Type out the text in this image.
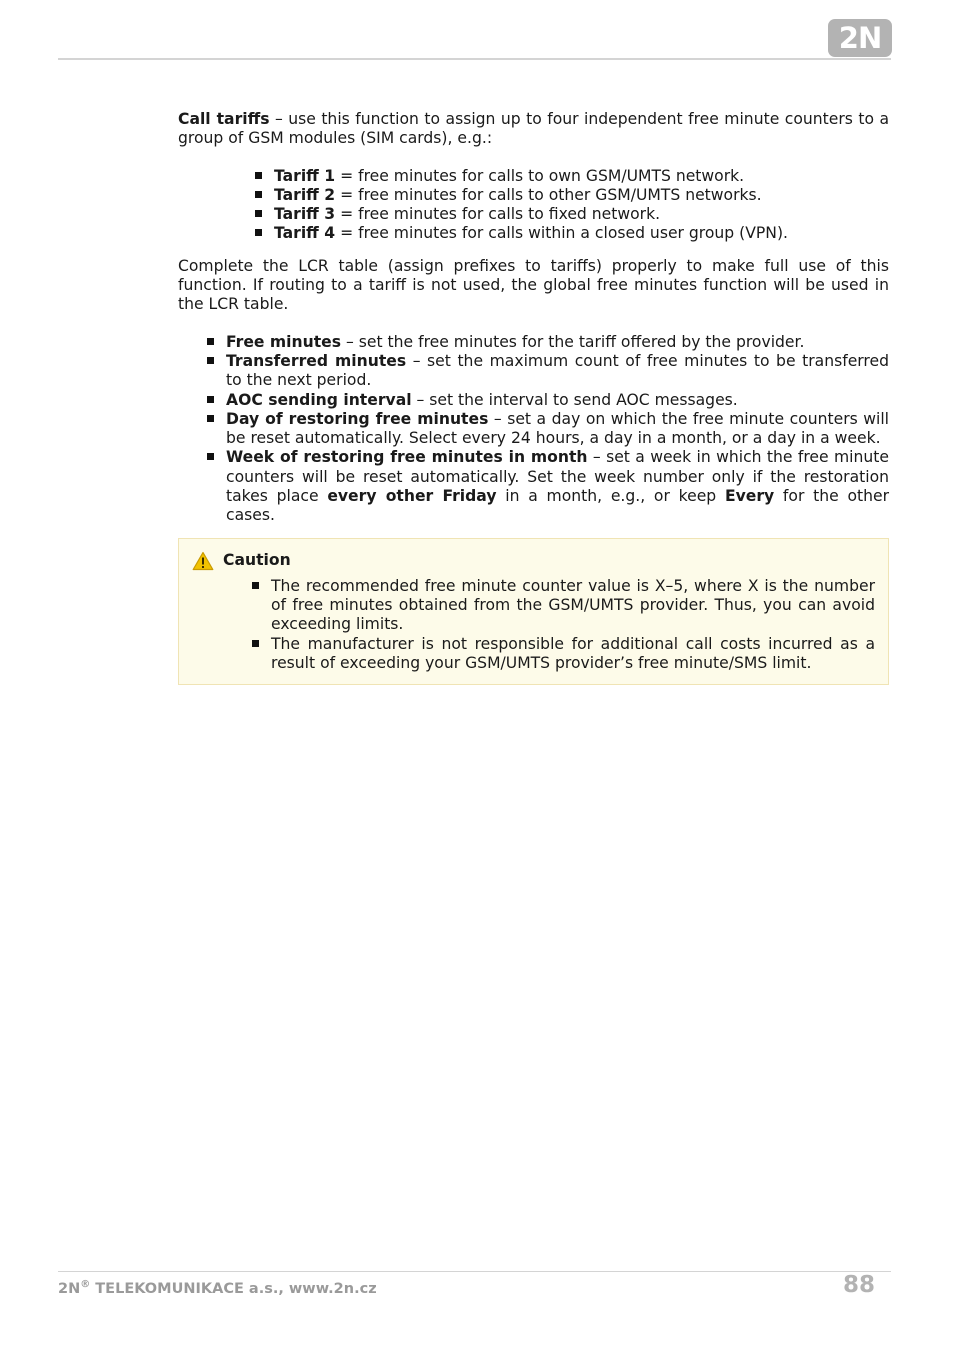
2N

Call tariffs – use this function to assign up to four independent free minute counters to a group of GSM modules (SIM cards), e.g.:

Tariff 1 = free minutes for calls to own GSM/UMTS network.
Tariff 2 = free minutes for calls to other GSM/UMTS networks.
Tariff 3 = free minutes for calls to fixed network.
Tariff 4 = free minutes for calls within a closed user group (VPN).

Complete the LCR table (assign prefixes to tariffs) properly to make full use of this function. If routing to a tariff is not used, the global free minutes function will be used in the LCR table.

Free minutes – set the free minutes for the tariff offered by the provider.
Transferred minutes – set the maximum count of free minutes to be transferred to the next period.
AOC sending interval – set the interval to send AOC messages.
Day of restoring free minutes – set a day on which the free minute counters will be reset automatically. Select every 24 hours, a day in a month, or a day in a week.
Week of restoring free minutes in month – set a week in which the free minute counters will be reset automatically. Set the week number only if the restoration takes place every other Friday in a month, e.g., or keep Every for the other cases.
Caution
The recommended free minute counter value is X–5, where X is the number of free minutes obtained from the GSM/UMTS provider. Thus, you can avoid exceeding limits.
The manufacturer is not responsible for additional call costs incurred as a result of exceeding your GSM/UMTS provider’s free minute/SMS limit.
2N® TELEKOMUNIKACE a.s., www.2n.cz	88
